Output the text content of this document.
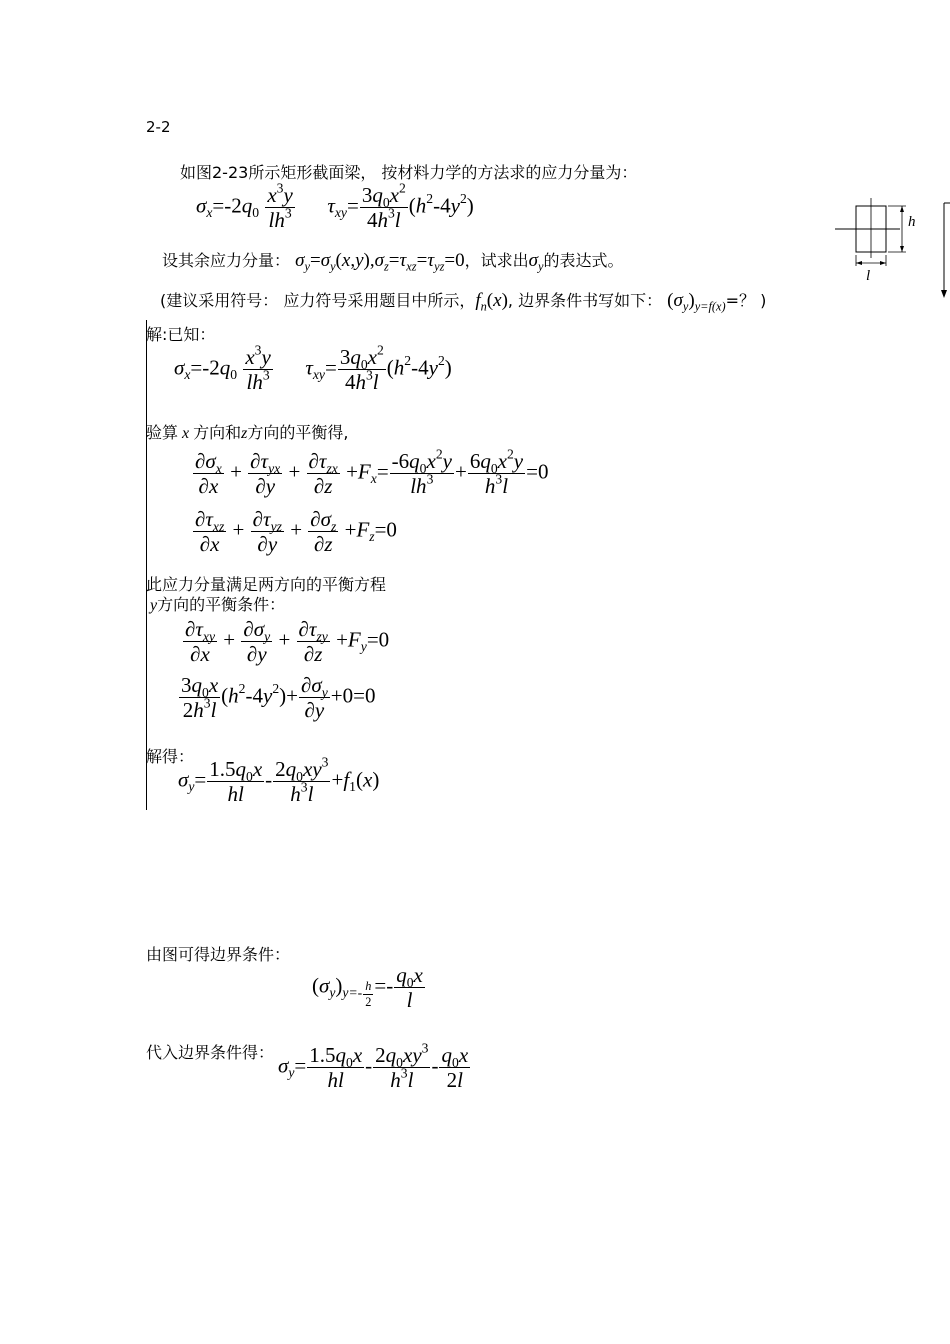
2-2
如图2-23所示矩形截面梁， 按材料力学的方法求的应力分量为：
$\sigma_x=-2q_0 \frac{x^3y}{lh^3} \tau_{xy}= \frac{3q_0x^2}{4h^3l} (h^2-4y^2)$
设其余应力分量： $\sigma_y=\sigma_y(x,y),\sigma_z=\tau_{xz}=\tau_{yz}=0$，试求出$\sigma_y$的表达式。
(建议采用符号： 应力符号采用题目中所示，$f_n(x)$, 边界条件书写如下： $(\sigma_y)_{y=f(x)}=$？ )
h
l
解:已知：
$\sigma_x=-2q_0 \frac{x^3y}{lh^3} \tau_{xy}= \frac{3q_0x^2}{4h^3l} (h^2-4y^2)$
验算 x 方向和z方向的平衡得,
$\frac{\partial\sigma_x}{\partial x} + \frac{\partial\tau_{yx}}{\partial y} + \frac{\partial\tau_{zx}}{\partial z} +F_x= \frac{-6q_0x^2y}{lh^3} + \frac{6q_0x^2y}{h^3l} =0$
$\frac{\partial\tau_{xz}}{\partial x} + \frac{\partial\tau_{yz}}{\partial y} + \frac{\partial\sigma_z}{\partial z} +F_z=0$
此应力分量满足两方向的平衡方程
y方向的平衡条件：
$\frac{\partial\tau_{xy}}{\partial x} + \frac{\partial\sigma_y}{\partial y} + \frac{\partial\tau_{zy}}{\partial z} +F_y=0$
$\frac{3q_0x}{2h^3l} (h^2-4y^2)+ \frac{\partial\sigma_y}{\partial y} +0=0$
解得：
$\sigma_y= \frac{1.5q_0x}{hl} - \frac{2q_0xy^3}{h^3l} +f_1(x)$
由图可得边界条件：
$(\sigma_y)_{y=- \frac{h}{2}} =- \frac{q_0x}{l}$
代入边界条件得：
$\sigma_y= \frac{1.5q_0x}{hl} - \frac{2q_0xy^3}{h^3l} - \frac{q_0x}{2l}$
